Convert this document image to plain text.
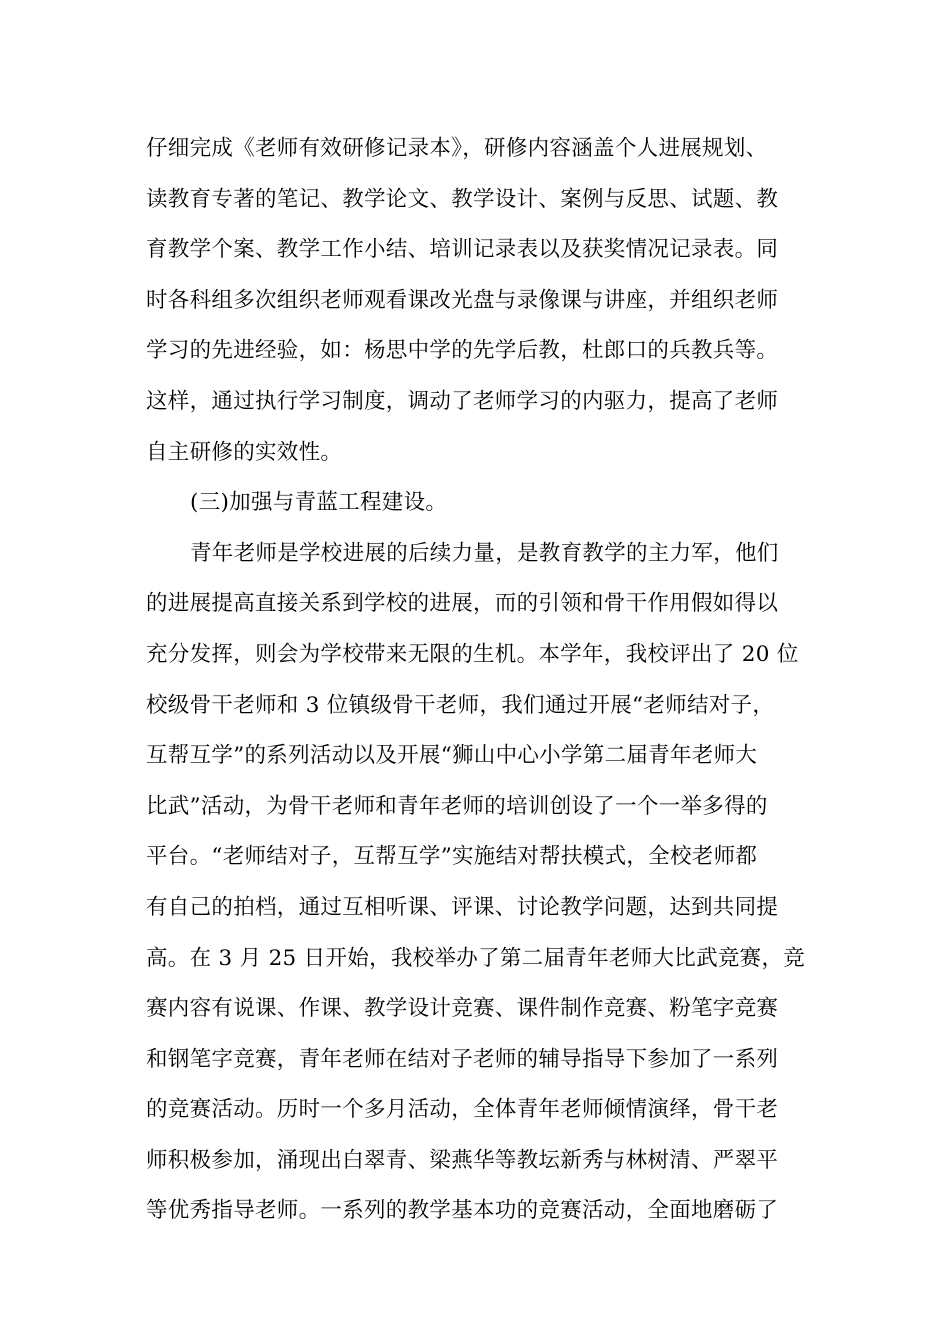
仔细完成《老师有效研修记录本》，研修内容涵盖个人进展规划、
读教育专著的笔记、教学论文、教学设计、案例与反思、试题、教
育教学个案、教学工作小结、培训记录表以及获奖情况记录表。同
时各科组多次组织老师观看课改光盘与录像课与讲座，并组织老师
学习的先进经验，如：杨思中学的先学后教，杜郎口的兵教兵等。
这样，通过执行学习制度，调动了老师学习的内驱力，提高了老师
自主研修的实效性。
(三)加强与青蓝工程建设。
青年老师是学校进展的后续力量，是教育教学的主力军，他们
的进展提高直接关系到学校的进展，而的引领和骨干作用假如得以
充分发挥，则会为学校带来无限的生机。本学年，我校评出了 20 位
校级骨干老师和 3 位镇级骨干老师，我们通过开展“老师结对子，
互帮互学”的系列活动以及开展“狮山中心小学第二届青年老师大
比武”活动，为骨干老师和青年老师的培训创设了一个一举多得的
平台。“老师结对子，互帮互学”实施结对帮扶模式，全校老师都
有自己的拍档，通过互相听课、评课、讨论教学问题，达到共同提
高。在 3 月 25 日开始，我校举办了第二届青年老师大比武竞赛，竞
赛内容有说课、作课、教学设计竞赛、课件制作竞赛、粉笔字竞赛
和钢笔字竞赛，青年老师在结对子老师的辅导指导下参加了一系列
的竞赛活动。历时一个多月活动，全体青年老师倾情演绎，骨干老
师积极参加，涌现出白翠青、梁燕华等教坛新秀与林树清、严翠平
等优秀指导老师。一系列的教学基本功的竞赛活动，全面地磨砺了
